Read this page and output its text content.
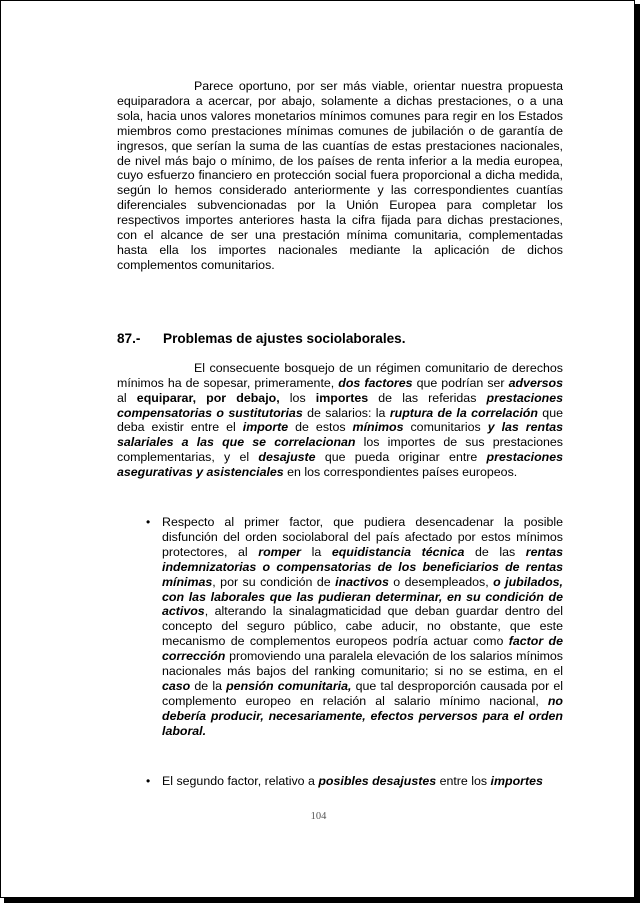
Parece oportuno, por ser más viable, orientar nuestra propuesta equiparadora a acercar, por abajo, solamente a dichas prestaciones, o a una sola, hacia unos valores monetarios mínimos comunes para regir en los Estados miembros como prestaciones mínimas comunes de jubilación o de garantía de ingresos, que serían la suma de las cuantías de estas prestaciones nacionales, de nivel más bajo o mínimo, de los países de renta inferior a la media europea, cuyo esfuerzo financiero en protección social fuera proporcional a dicha medida, según lo hemos considerado anteriormente y las correspondientes cuantías diferenciales subvencionadas por la Unión Europea para completar los respectivos importes anteriores hasta la cifra fijada para dichas prestaciones, con el alcance de ser una prestación mínima comunitaria, complementadas hasta ella los importes nacionales mediante la aplicación de dichos complementos comunitarios.

87.- Problemas de ajustes sociolaborales.

El consecuente bosquejo de un régimen comunitario de derechos mínimos ha de sopesar, primeramente, dos factores que podrían ser adversos al equiparar, por debajo, los importes de las referidas prestaciones compensatorias o sustitutorias de salarios: la ruptura de la correlación que deba existir entre el importe de estos mínimos comunitarios y las rentas salariales a las que se correlacionan los importes de sus prestaciones complementarias, y el desajuste que pueda originar entre prestaciones asegurativas y asistenciales en los correspondientes países europeos.

• Respecto al primer factor, que pudiera desencadenar la posible disfunción del orden sociolaboral del país afectado por estos mínimos protectores, al romper la equidistancia técnica de las rentas indemnizatorias o compensatorias de los beneficiarios de rentas mínimas, por su condición de inactivos o desempleados, o jubilados, con las laborales que las pudieran determinar, en su condición de activos, alterando la sinalagmaticidad que deban guardar dentro del concepto del seguro público, cabe aducir, no obstante, que este mecanismo de complementos europeos podría actuar como factor de corrección promoviendo una paralela elevación de los salarios mínimos nacionales más bajos del ranking comunitario; si no se estima, en el caso de la pensión comunitaria, que tal desproporción causada por el complemento europeo en relación al salario mínimo nacional, no debería producir, necesariamente, efectos perversos para el orden laboral.

• El segundo factor, relativo a posibles desajustes entre los importes

104
